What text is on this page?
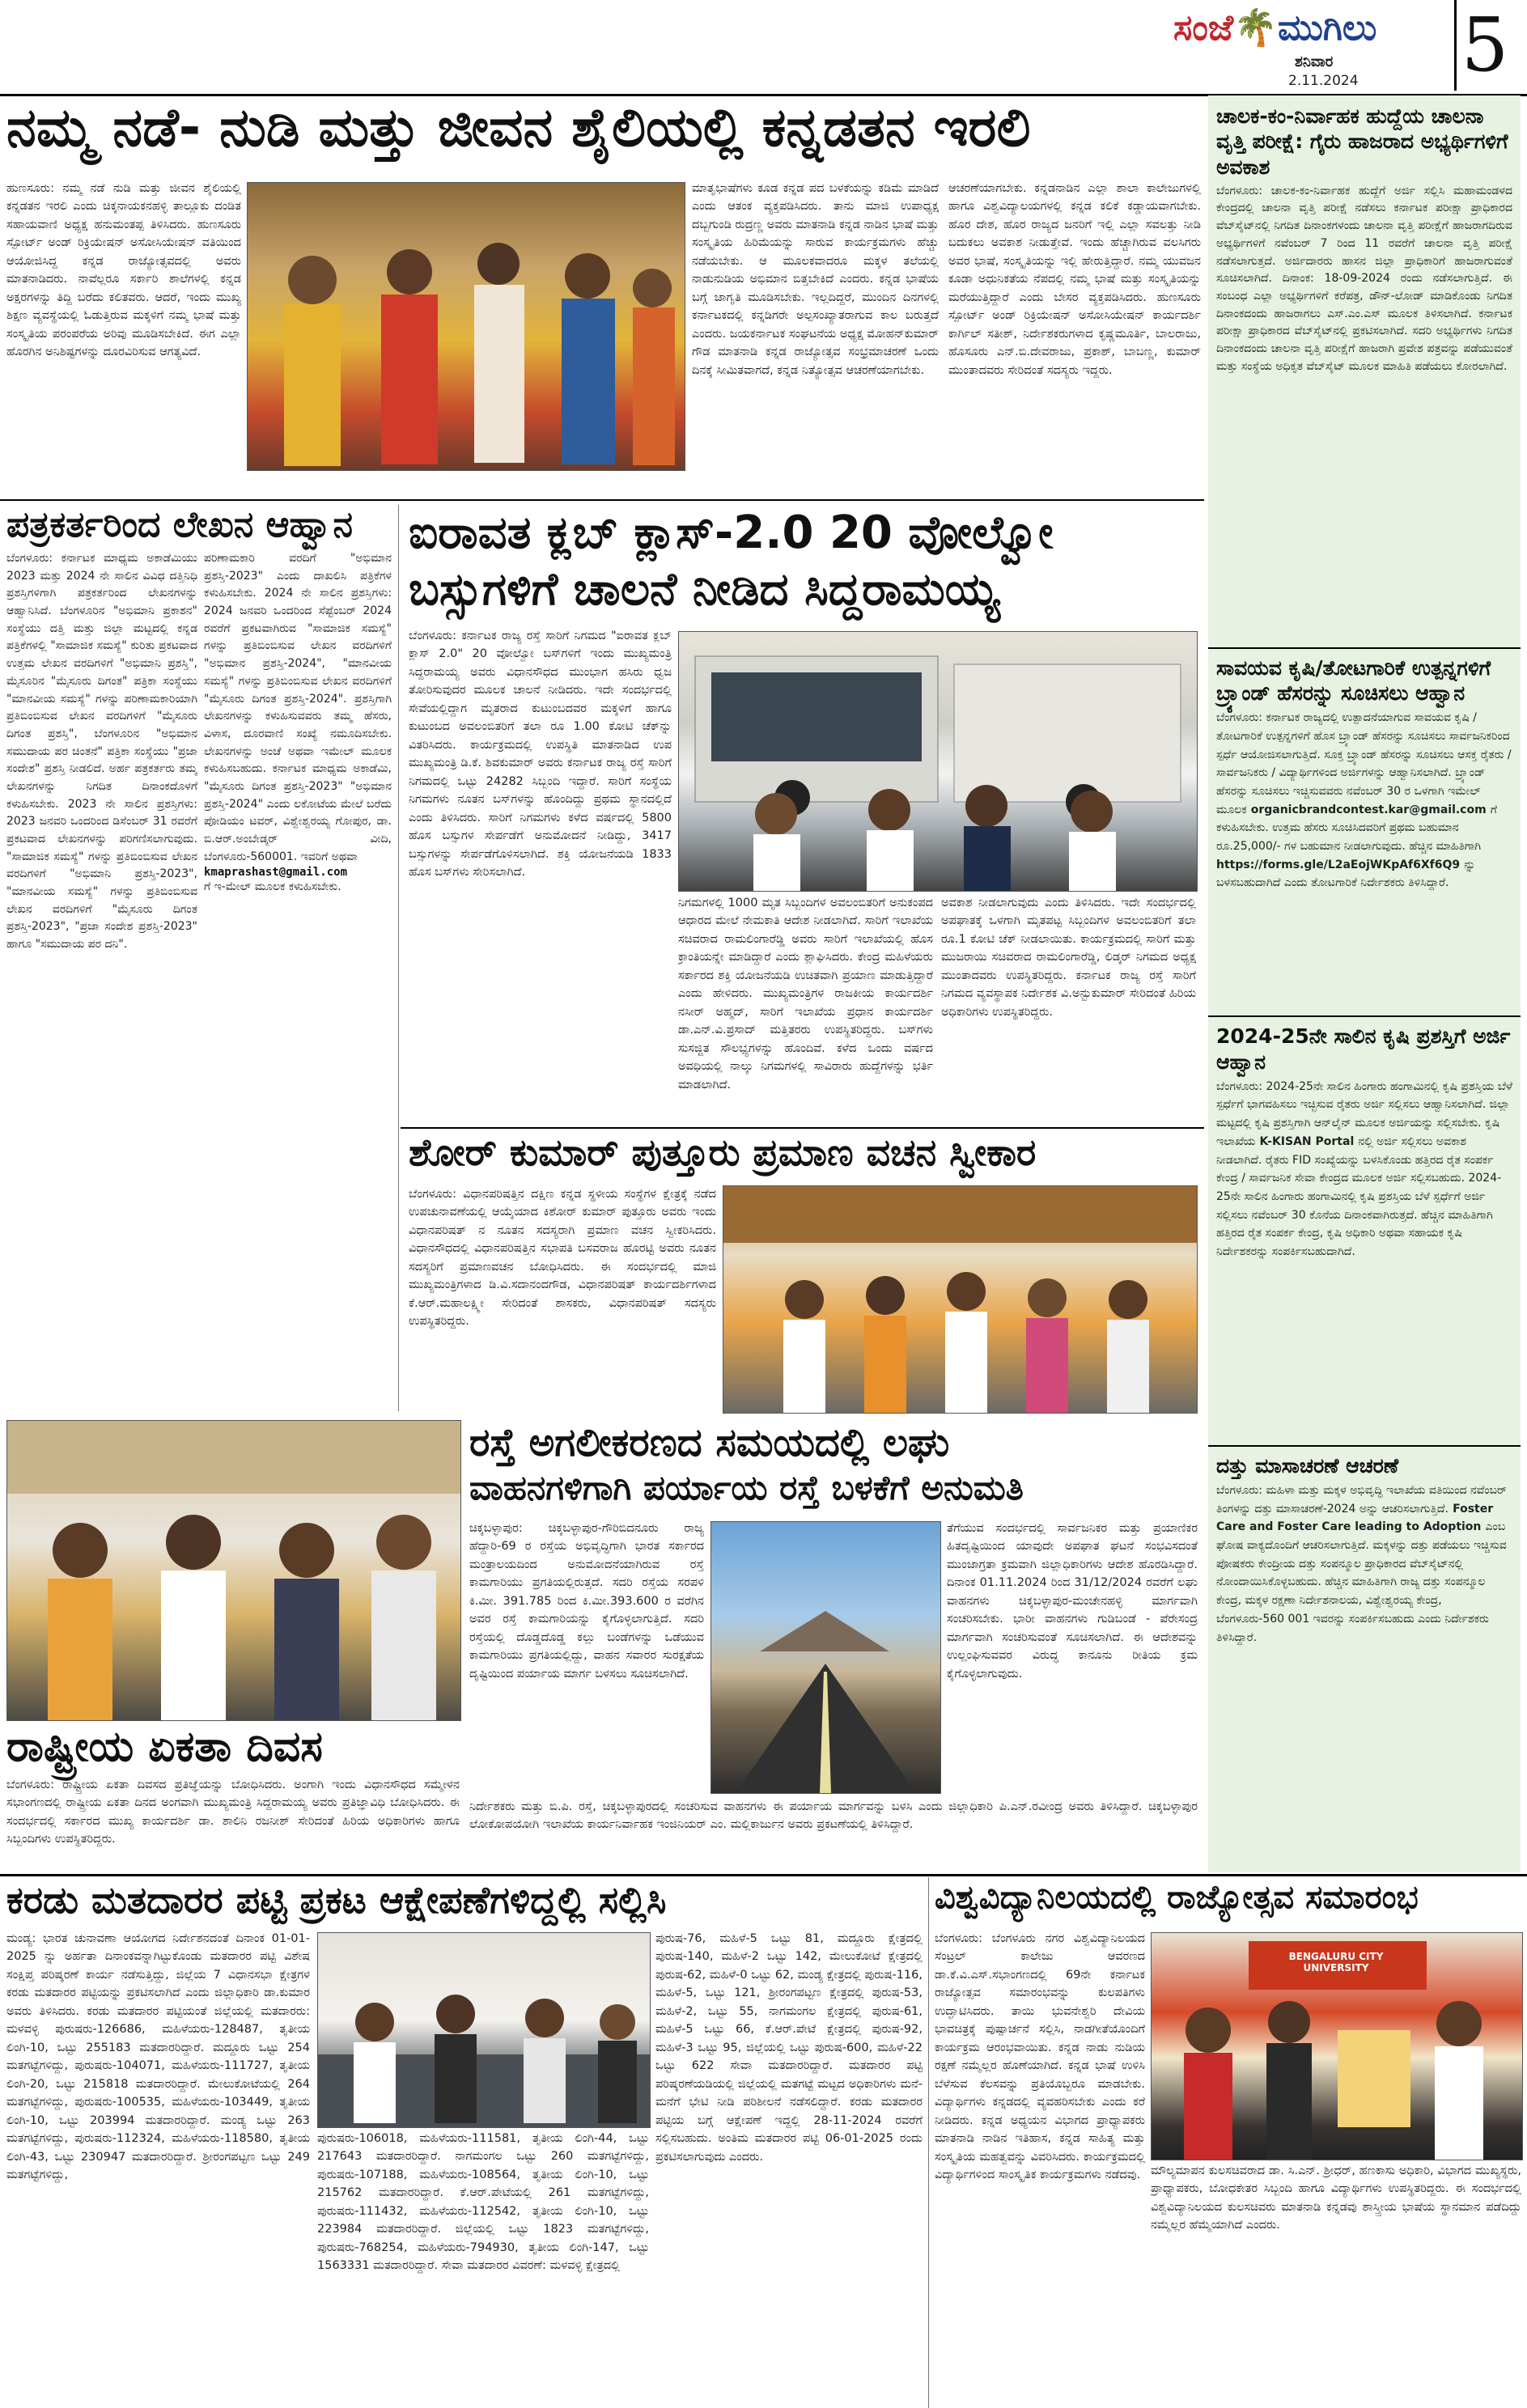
ಸಂಜೆ🌴ಮುಗಿಲು
ಶನಿವಾರ
2.11.2024 5
ನಮ್ಮ ನಡೆ- ನುಡಿ ಮತ್ತು ಜೀವನ ಶೈಲಿಯಲ್ಲಿ ಕನ್ನಡತನ ಇರಲಿ
ಹುಣಸೂರು: ನಮ್ಮ ನಡೆ ನುಡಿ ಮತ್ತು ಜೀವನ ಶೈಲಿಯಲ್ಲಿ ಕನ್ನಡತನ ಇರಲಿ ಎಂದು ಚಿಕ್ಕನಾಯಕನಹಳ್ಳಿ ತಾಲ್ಲೂಕು ದಂಡಿತ ಸಹಾಯವಾಣಿ ಅಧ್ಯಕ್ಷ ಹನುಮಂತಪ್ಪ ತಿಳಿಸಿದರು. ಹುಣಸೂರು ಸ್ಪೋರ್ಟ್ ಅಂಡ್ ರಿಕ್ರಿಯೇಷನ್ ಅಸೋಸಿಯೇಷನ್ ವತಿಯಿಂದ ಆಯೋಜಿಸಿದ್ದ ಕನ್ನಡ ರಾಜ್ಯೋತ್ಸವದಲ್ಲಿ ಅವರು ಮಾತನಾಡಿದರು. ನಾವೆಲ್ಲರೂ ಸರ್ಕಾರಿ ಶಾಲೆಗಳಲ್ಲಿ ಕನ್ನಡ ಅಕ್ಷರಗಳನ್ನು ತಿದ್ದಿ ಬರೆದು ಕಲಿತವರು. ಆದರೆ, ಇಂದು ಮುಖ್ಯ ಶಿಕ್ಷಣ ವ್ಯವಸ್ಥೆಯಲ್ಲಿ ಓಡುತ್ತಿರುವ ಮಕ್ಕಳಿಗೆ ನಮ್ಮ ಭಾಷೆ ಮತ್ತು ಸಂಸ್ಕೃತಿಯ ಪರಂಪರೆಯ ಅರಿವು ಮೂಡಿಸಬೇಕಿದೆ. ಈಗ ಎಲ್ಲಾ ಹೊರಗಿನ ಅನಿಶಿಷ್ಟಗಳನ್ನು ದೂರವಿರಿಸುವ ಆಗತ್ಯವಿದೆ.
ಮಾತೃಭಾಷೆಗಳು ಕೂಡ ಕನ್ನಡ ಪದ ಬಳಕೆಯನ್ನು ಕಡಿಮೆ ಮಾಡಿದೆ ಎಂದು ಆತಂಕ ವ್ಯಕ್ತಪಡಿಸಿದರು. ತಾನು ಮಾಜಿ ಉಪಾಧ್ಯಕ್ಷ ದಬ್ಬಗುಂಡಿ ರುದ್ರಣ್ಣ ಅವರು ಮಾತನಾಡಿ ಕನ್ನಡ ನಾಡಿನ ಭಾಷೆ ಮತ್ತು ಸಂಸ್ಕೃತಿಯ ಹಿರಿಮೆಯನ್ನು ಸಾರುವ ಕಾರ್ಯಕ್ರಮಗಳು ಹೆಚ್ಚು ನಡೆಯಬೇಕು. ಆ ಮೂಲಕವಾದರೂ ಮಕ್ಕಳ ತಲೆಯಲ್ಲಿ ನಾಡುನುಡಿಯ ಅಭಿಮಾನ ಬಿತ್ತಬೇಕಿದೆ ಎಂದರು. ಕನ್ನಡ ಭಾಷೆಯ ಬಗ್ಗೆ ಜಾಗೃತಿ ಮೂಡಿಸಬೇಕು. ಇಲ್ಲದಿದ್ದರೆ, ಮುಂದಿನ ದಿನಗಳಲ್ಲಿ ಕರ್ನಾಟಕದಲ್ಲಿ ಕನ್ನಡಿಗರೇ ಅಲ್ಪಸಂಖ್ಯಾತರಾಗುವ ಕಾಲ ಬರುತ್ತದೆ ಎಂದರು. ಜಯಕರ್ನಾಟಕ ಸಂಘಟನೆಯ ಅಧ್ಯಕ್ಷ ಮೋಹನ್‌ಕುಮಾರ್ ಗೌಡ ಮಾತನಾಡಿ ಕನ್ನಡ ರಾಜ್ಯೋತ್ಸವ ಸಂಭ್ರಮಾಚರಣೆ ಒಂದು ದಿನಕ್ಕೆ ಸೀಮಿತವಾಗದೆ, ಕನ್ನಡ ನಿತ್ಯೋತ್ಸವ ಆಚರಣೆಯಾಗಬೇಕು.
ಆಚರಣೆಯಾಗಬೇಕು. ಕನ್ನಡನಾಡಿನ ಎಲ್ಲಾ ಶಾಲಾ ಕಾಲೇಜುಗಳಲ್ಲಿ ಹಾಗೂ ವಿಶ್ವವಿದ್ಯಾಲಯಗಳಲ್ಲಿ ಕನ್ನಡ ಕಲಿಕೆ ಕಡ್ಡಾಯವಾಗಬೇಕು. ಹೊರ ದೇಶ, ಹೊರ ರಾಜ್ಯದ ಜನರಿಗೆ ಇಲ್ಲಿ ಎಲ್ಲಾ ಸವಲತ್ತು ನೀಡಿ ಬದುಕಲು ಅವಕಾಶ ನೀಡುತ್ತೇವೆ. ಇಂದು ಹೆಚ್ಚಾಗಿರುವ ವಲಸಿಗರು ಅವರ ಭಾಷೆ, ಸಂಸ್ಕೃತಿಯನ್ನು ಇಲ್ಲಿ ಹೇರುತ್ತಿದ್ದಾರೆ. ನಮ್ಮ ಯುವಜನ ಕೂಡಾ ಅಧುನಿಕತೆಯ ನೆಪದಲ್ಲಿ ನಮ್ಮ ಭಾಷೆ ಮತ್ತು ಸಂಸ್ಕೃತಿಯನ್ನು ಮರೆಯುತ್ತಿದ್ದಾರೆ ಎಂದು ಬೇಸರ ವ್ಯಕ್ತಪಡಿಸಿದರು. ಹುಣಸೂರು ಸ್ಪೋರ್ಟ್ ಅಂಡ್ ರಿಕ್ರಿಯೇಷನ್ ಅಸೋಸಿಯೇಷನ್ ಕಾರ್ಯದರ್ಶಿ ಕಾರ್ಗಿಲ್ ಸತೀಶ್, ನಿರ್ದೇಶಕರುಗಳಾದ ಕೃಷ್ಣಮೂರ್ತಿ, ಬಾಲರಾಜು, ಹೊಸೂರು ಎನ್.ಬಿ.ದೇವರಾಜು, ಪ್ರಕಾಶ್, ಬಾಬಣ್ಣ, ಕುಮಾರ್ ಮುಂತಾದವರು ಸೇರಿದಂತೆ ಸದಸ್ಯರು ಇದ್ದರು.
ಪತ್ರಕರ್ತರಿಂದ ಲೇಖನ ಆಹ್ವಾನ
ಬೆಂಗಳೂರು: ಕರ್ನಾಟಕ ಮಾಧ್ಯಮ ಅಕಾಡೆಮಿಯು 2023 ಮತ್ತು 2024 ನೇ ಸಾಲಿನ ವಿವಿಧ ದತ್ತಿನಿಧಿ ಪ್ರಶಸ್ತಿಗಳಿಗಾಗಿ ಪತ್ರಕರ್ತರಿಂದ ಲೇಖನಗಳನ್ನು ಆಹ್ವಾನಿಸಿದೆ. ಬೆಂಗಳೂರಿನ "ಅಭಿಮಾನಿ ಪ್ರಕಾಶನ" ಸಂಸ್ಥೆಯು ದತ್ತಿ ಮತ್ತು ಜಿಲ್ಲಾ ಮಟ್ಟದಲ್ಲಿ ಕನ್ನಡ ಪತ್ರಿಕೆಗಳಲ್ಲಿ "ಸಾಮಾಜಿಕ ಸಮಸ್ಯೆ" ಕುರಿತು ಪ್ರಕಟವಾದ ಉತ್ತಮ ಲೇಖನ ವರದಿಗಳಿಗೆ "ಅಭಿಮಾನಿ ಪ್ರಶಸ್ತಿ", ಮೈಸೂರಿನ "ಮೈಸೂರು ದಿಗಂತ" ಪತ್ರಿಕಾ ಸಂಸ್ಥೆಯು "ಮಾನವೀಯ ಸಮಸ್ಯೆ" ಗಳನ್ನು ಪರಿಣಾಮಕಾರಿಯಾಗಿ ಪ್ರತಿಬಿಂಬಿಸುವ ಲೇಖನ ವರದಿಗಳಿಗೆ "ಮೈಸೂರು ದಿಗಂತ ಪ್ರಶಸ್ತಿ", ಬೆಂಗಳೂರಿನ "ಅಭಿಮಾನ ಸಮುದಾಯ ಪರ ಚಿಂತನೆ" ಪತ್ರಿಕಾ ಸಂಸ್ಥೆಯು "ಪ್ರಜಾ ಸಂದೇಶ" ಪ್ರಶಸ್ತಿ ನೀಡಲಿದೆ. ಅರ್ಹ ಪತ್ರಕರ್ತರು ತಮ್ಮ ಲೇಖನಗಳನ್ನು ನಿಗದಿತ ದಿನಾಂಕದೊಳಗೆ ಕಳುಹಿಸಬೇಕು. 2023 ನೇ ಸಾಲಿನ ಪ್ರಶಸ್ತಿಗಳು: 2023 ಜನವರಿ ಒಂದರಿಂದ ಡಿಸೆಂಬರ್ 31 ರವರೆಗೆ ಪ್ರಕಟವಾದ ಲೇಖನಗಳನ್ನು ಪರಿಗಣಿಸಲಾಗುವುದು. "ಸಾಮಾಜಿಕ ಸಮಸ್ಯೆ" ಗಳನ್ನು ಪ್ರತಿಬಿಂಬಿಸುವ ಲೇಖನ ವರದಿಗಳಿಗೆ "ಅಭಿಮಾನಿ ಪ್ರಶಸ್ತಿ-2023", "ಮಾನವೀಯ ಸಮಸ್ಯೆ" ಗಳನ್ನು ಪ್ರತಿಬಿಂಬಿಸುವ ಲೇಖನ ವರದಿಗಳಿಗೆ "ಮೈಸೂರು ದಿಗಂತ ಪ್ರಶಸ್ತಿ-2023", "ಪ್ರಜಾ ಸಂದೇಶ ಪ್ರಶಸ್ತಿ-2023" ಹಾಗೂ "ಸಮುದಾಯ ಪರ ದನಿ".
ಪರಿಣಾಮಕಾರಿ ವರದಿಗೆ "ಅಭಿಮಾನ ಪ್ರಶಸ್ತಿ-2023" ಎಂದು ದಾಖಲಿಸಿ ಪತ್ರಿಕೆಗಳ ಕಳುಹಿಸಬೇಕು. 2024 ನೇ ಸಾಲಿನ ಪ್ರಶಸ್ತಿಗಳು: 2024 ಜನವರಿ ಒಂದರಿಂದ ಸೆಪ್ಟೆಂಬರ್ 2024 ರವರೆಗೆ ಪ್ರಕಟವಾಗಿರುವ "ಸಾಮಾಜಿಕ ಸಮಸ್ಯೆ" ಗಳನ್ನು ಪ್ರತಿಬಿಂಬಿಸುವ ಲೇಖನ ವರದಿಗಳಿಗೆ "ಅಭಿಮಾನ ಪ್ರಶಸ್ತಿ-2024", "ಮಾನವೀಯ ಸಮಸ್ಯೆ" ಗಳನ್ನು ಪ್ರತಿಬಿಂಬಿಸುವ ಲೇಖನ ವರದಿಗಳಿಗೆ "ಮೈಸೂರು ದಿಗಂತ ಪ್ರಶಸ್ತಿ-2024". ಪ್ರಶಸ್ತಿಗಾಗಿ ಲೇಖನಗಳನ್ನು ಕಳುಹಿಸುವವರು ತಮ್ಮ ಹೆಸರು, ವಿಳಾಸ, ದೂರವಾಣಿ ಸಂಖ್ಯೆ ನಮೂದಿಸಬೇಕು. ಲೇಖನಗಳನ್ನು ಅಂಚೆ ಅಥವಾ ಇಮೇಲ್ ಮೂಲಕ ಕಳುಹಿಸಬಹುದು. ಕರ್ನಾಟಕ ಮಾಧ್ಯಮ ಅಕಾಡೆಮಿ, "ಮೈಸೂರು ದಿಗಂತ ಪ್ರಶಸ್ತಿ-2023" "ಅಭಿಮಾನ ಪ್ರಶಸ್ತಿ-2024" ಎಂದು ಲಕೋಟೆಯ ಮೇಲೆ ಬರೆದು ಪೋಡಿಯಂ ಟವರ್, ವಿಶ್ವೇಶ್ವರಯ್ಯ ಗೋಪುರ, ಡಾ. ಬಿ.ಆರ್.ಅಂಬೇಡ್ಕರ್ ವೀದಿ, ಬೆಂಗಳೂರು-560001. ಇವರಿಗೆ ಅಥವಾ
kmaprashast@gmail.com
ಗೆ ಇ-ಮೇಲ್ ಮೂಲಕ ಕಳುಹಿಸಬೇಕು.
ಐರಾವತ ಕ್ಲಬ್ ಕ್ಲಾಸ್-2.0 20 ವೋಲ್ವೋ ಬಸ್ಸುಗಳಿಗೆ ಚಾಲನೆ ನೀಡಿದ ಸಿದ್ದರಾಮಯ್ಯ
ಬೆಂಗಳೂರು: ಕರ್ನಾಟಕ ರಾಜ್ಯ ರಸ್ತೆ ಸಾರಿಗೆ ನಿಗಮದ "ಐರಾವತ ಕ್ಲಬ್ ಕ್ಲಾಸ್ 2.0" 20 ವೋಲ್ವೋ ಬಸ್‌ಗಳಿಗೆ ಇಂದು ಮುಖ್ಯಮಂತ್ರಿ ಸಿದ್ದರಾಮಯ್ಯ ಅವರು ವಿಧಾನಸೌಧದ ಮುಂಭಾಗ ಹಸಿರು ಧ್ವಜ ತೋರಿಸುವುದರ ಮೂಲಕ ಚಾಲನೆ ನೀಡಿದರು. ಇದೇ ಸಂದರ್ಭದಲ್ಲಿ ಸೇವೆಯಲ್ಲಿದ್ದಾಗ ಮೃತರಾದ ಕುಟುಂಬದವರ ಮಕ್ಕಳಿಗೆ ಹಾಗೂ ಕುಟುಂಬದ ಅವಲಂಬಿತರಿಗೆ ತಲಾ ರೂ 1.00 ಕೋಟಿ ಚೆಕ್‌ನ್ನು ವಿತರಿಸಿದರು. ಕಾರ್ಯಕ್ರಮದಲ್ಲಿ ಉಪಸ್ಥಿತಿ ಮಾತನಾಡಿದ ಉಪ ಮುಖ್ಯಮಂತ್ರಿ ಡಿ.ಕೆ. ಶಿವಕುಮಾರ್ ಅವರು ಕರ್ನಾಟಕ ರಾಜ್ಯ ರಸ್ತೆ ಸಾರಿಗೆ ನಿಗಮದಲ್ಲಿ ಒಟ್ಟು 24282 ಸಿಬ್ಬಂದಿ ಇದ್ದಾರೆ. ಸಾರಿಗೆ ಸಂಸ್ಥೆಯ ನಿಗಮಗಳು ನೂತನ ಬಸ್‌ಗಳನ್ನು ಹೊಂದಿದ್ದು ಪ್ರಥಮ ಸ್ಥಾನದಲ್ಲಿದೆ ಎಂದು ತಿಳಿಸಿದರು. ಸಾರಿಗೆ ನಿಗಮಗಳು ಕಳೆದ ವರ್ಷದಲ್ಲಿ 5800 ಹೊಸ ಬಸ್ಸುಗಳ ಸೇರ್ಪಡೆಗೆ ಅನುಮೋದನೆ ನೀಡಿದ್ದು, 3417 ಬಸ್ಸುಗಳನ್ನು ಸೇರ್ಪಡೆಗೊಳಿಸಲಾಗಿದೆ. ಶಕ್ತಿ ಯೋಜನೆಯಡಿ 1833 ಹೊಸ ಬಸ್‌ಗಳು ಸೇರಿಸಲಾಗಿದೆ.
ನಿಗಮಗಳಲ್ಲಿ 1000 ಮೃತ ಸಿಬ್ಬಂದಿಗಳ ಅವಲಂಬಿತರಿಗೆ ಅನುಕಂಪದ ಆಧಾರದ ಮೇಲೆ ನೇಮಕಾತಿ ಆದೇಶ ನೀಡಲಾಗಿದೆ. ಸಾರಿಗೆ ಇಲಾಖೆಯ ಸಚಿವರಾದ ರಾಮಲಿಂಗಾರೆಡ್ಡಿ ಅವರು ಸಾರಿಗೆ ಇಲಾಖೆಯಲ್ಲಿ ಹೊಸ ಕ್ರಾಂತಿಯನ್ನೇ ಮಾಡಿದ್ದಾರೆ ಎಂದು ಶ್ಲಾಘಿಸಿದರು. ಕೇಂದ್ರ ಮಹಿಳೆಯರು ಸರ್ಕಾರದ ಶಕ್ತಿ ಯೋಜನೆಯಡಿ ಉಚಿತವಾಗಿ ಪ್ರಯಾಣ ಮಾಡುತ್ತಿದ್ದಾರೆ ಎಂದು ಹೇಳಿದರು. ಮುಖ್ಯಮಂತ್ರಿಗಳ ರಾಜಕೀಯ ಕಾರ್ಯದರ್ಶಿ ನಸೀರ್ ಅಹ್ಮದ್, ಸಾರಿಗೆ ಇಲಾಖೆಯ ಪ್ರಧಾನ ಕಾರ್ಯದರ್ಶಿ ಡಾ.ಎನ್.ವಿ.ಪ್ರಸಾದ್ ಮತ್ತಿತರರು ಉಪಸ್ಥಿತರಿದ್ದರು. ಬಸ್‌ಗಳು ಸುಸಜ್ಜಿತ ಸೌಲಭ್ಯಗಳನ್ನು ಹೊಂದಿವೆ. ಕಳೆದ ಒಂದು ವರ್ಷದ ಅವಧಿಯಲ್ಲಿ ನಾಲ್ಕು ನಿಗಮಗಳಲ್ಲಿ ಸಾವಿರಾರು ಹುದ್ದೆಗಳನ್ನು ಭರ್ತಿ ಮಾಡಲಾಗಿದೆ.
ಅವಕಾಶ ನೀಡಲಾಗುವುದು ಎಂದು ತಿಳಿಸಿದರು. ಇದೇ ಸಂದರ್ಭದಲ್ಲಿ ಅಪಘಾತಕ್ಕೆ ಒಳಗಾಗಿ ಮೃತಪಟ್ಟ ಸಿಬ್ಬಂದಿಗಳ ಅವಲಂಬಿತರಿಗೆ ತಲಾ ರೂ.1 ಕೋಟಿ ಚೆಕ್ ನೀಡಲಾಯಿತು. ಕಾರ್ಯಕ್ರಮದಲ್ಲಿ ಸಾರಿಗೆ ಮತ್ತು ಮುಜರಾಯಿ ಸಚಿವರಾದ ರಾಮಲಿಂಗಾರೆಡ್ಡಿ, ಲಿಡ್ಕರ್ ನಿಗಮದ ಅಧ್ಯಕ್ಷ ಮುಂತಾದವರು ಉಪಸ್ಥಿತರಿದ್ದರು. ಕರ್ನಾಟಕ ರಾಜ್ಯ ರಸ್ತೆ ಸಾರಿಗೆ ನಿಗಮದ ವ್ಯವಸ್ಥಾಪಕ ನಿರ್ದೇಶಕ ವಿ.ಅನ್ಬುಕುಮಾರ್ ಸೇರಿದಂತೆ ಹಿರಿಯ ಅಧಿಕಾರಿಗಳು ಉಪಸ್ಥಿತರಿದ್ದರು.
ಶೋರ್ ಕುಮಾರ್ ಪುತ್ತೂರು ಪ್ರಮಾಣ ವಚನ ಸ್ವೀಕಾರ
ಬೆಂಗಳೂರು: ವಿಧಾನಪರಿಷತ್ತಿನ ದಕ್ಷಿಣ ಕನ್ನಡ ಸ್ಥಳೀಯ ಸಂಸ್ಥೆಗಳ ಕ್ಷೇತ್ರಕ್ಕೆ ನಡೆದ ಉಪಚುನಾವಣೆಯಲ್ಲಿ ಆಯ್ಕೆಯಾದ ಕಿಶೋರ್ ಕುಮಾರ್ ಪುತ್ತೂರು ಅವರು ಇಂದು ವಿಧಾನಪರಿಷತ್ ನ ನೂತನ ಸದಸ್ಯರಾಗಿ ಪ್ರಮಾಣ ವಚನ ಸ್ವೀಕರಿಸಿದರು. ವಿಧಾನಸೌಧದಲ್ಲಿ ವಿಧಾನಪರಿಷತ್ತಿನ ಸಭಾಪತಿ ಬಸವರಾಜ ಹೊರಟ್ಟಿ ಅವರು ನೂತನ ಸದಸ್ಯರಿಗೆ ಪ್ರಮಾಣವಚನ ಬೋಧಿಸಿದರು. ಈ ಸಂದರ್ಭದಲ್ಲಿ ಮಾಜಿ ಮುಖ್ಯಮಂತ್ರಿಗಳಾದ ಡಿ.ವಿ.ಸದಾನಂದಗೌಡ, ವಿಧಾನಪರಿಷತ್ ಕಾರ್ಯದರ್ಶಿಗಳಾದ ಕೆ.ಆರ್.ಮಹಾಲಕ್ಷ್ಮೀ ಸೇರಿದಂತೆ ಶಾಸಕರು, ವಿಧಾನಪರಿಷತ್ ಸದಸ್ಯರು ಉಪಸ್ಥಿತರಿದ್ದರು.
ರಾಷ್ಟ್ರೀಯ ಏಕತಾ ದಿವಸ
ಬೆಂಗಳೂರು: ರಾಷ್ಟ್ರೀಯ ಏಕತಾ ದಿವಸದ ಪ್ರತಿಜ್ಞೆಯನ್ನು ಬೋಧಿಸಿದರು. ಅಂಗಾಗಿ ಇಂದು ವಿಧಾನಸೌಧದ ಸಮ್ಮೇಳನ ಸಭಾಂಗಣದಲ್ಲಿ ರಾಷ್ಟ್ರೀಯ ಏಕತಾ ದಿನದ ಅಂಗವಾಗಿ ಮುಖ್ಯಮಂತ್ರಿ ಸಿದ್ದರಾಮಯ್ಯ ಅವರು ಪ್ರತಿಜ್ಞಾವಿಧಿ ಬೋಧಿಸಿದರು. ಈ ಸಂದರ್ಭದಲ್ಲಿ ಸರ್ಕಾರದ ಮುಖ್ಯ ಕಾರ್ಯದರ್ಶಿ ಡಾ. ಶಾಲಿನಿ ರಜನೀಶ್ ಸೇರಿದಂತೆ ಹಿರಿಯ ಅಧಿಕಾರಿಗಳು ಹಾಗೂ ಸಿಬ್ಬಂದಿಗಳು ಉಪಸ್ಥಿತರಿದ್ದರು.
ರಸ್ತೆ ಅಗಲೀಕರಣದ ಸಮಯದಲ್ಲಿ ಲಘು
ವಾಹನಗಳಿಗಾಗಿ ಪರ್ಯಾಯ ರಸ್ತೆ ಬಳಕೆಗೆ ಅನುಮತಿ
ಚಿಕ್ಕಬಳ್ಳಾಪುರ: ಚಿಕ್ಕಬಳ್ಳಾಪುರ-ಗೌರಿಬಿದನೂರು ರಾಜ್ಯ ಹೆದ್ದಾರಿ-69 ರ ರಸ್ತೆಯ ಅಭಿವೃದ್ಧಿಗಾಗಿ ಭಾರತ ಸರ್ಕಾರದ ಮಂತ್ರಾಲಯದಿಂದ ಅನುಮೋದನೆಯಾಗಿರುವ ರಸ್ತೆ ಕಾಮಗಾರಿಯು ಪ್ರಗತಿಯಲ್ಲಿರುತ್ತದೆ. ಸದರಿ ರಸ್ತೆಯ ಸರಪಳಿ ಕಿ.ಮೀ. 391.785 ರಿಂದ ಕಿ.ಮೀ.393.600 ರ ವರೆಗಿನ ಅವರ ರಸ್ತೆ ಕಾಮಗಾರಿಯನ್ನು ಕೈಗೊಳ್ಳಲಾಗುತ್ತಿದೆ. ಸದರಿ ರಸ್ತೆಯಲ್ಲಿ ದೊಡ್ಡದೊಡ್ಡ ಕಲ್ಲು ಬಂಡೆಗಳನ್ನು ಒಡೆಯುವ ಕಾಮಗಾರಿಯು ಪ್ರಗತಿಯಲ್ಲಿದ್ದು, ವಾಹನ ಸವಾರರ ಸುರಕ್ಷತೆಯ ದೃಷ್ಟಿಯಿಂದ ಪರ್ಯಾಯ ಮಾರ್ಗ ಬಳಸಲು ಸೂಚಿಸಲಾಗಿದೆ.
ತೆಗೆಯುವ ಸಂದರ್ಭದಲ್ಲಿ ಸಾರ್ವಜನಿಕರ ಮತ್ತು ಪ್ರಯಾಣಿಕರ ಹಿತದೃಷ್ಟಿಯಿಂದ ಯಾವುದೇ ಅಪಘಾತ ಘಟನೆ ಸಂಭವಿಸದಂತೆ ಮುಂಜಾಗ್ರತಾ ಕ್ರಮವಾಗಿ ಜಿಲ್ಲಾಧಿಕಾರಿಗಳು ಆದೇಶ ಹೊರಡಿಸಿದ್ದಾರೆ. ದಿನಾಂಕ 01.11.2024 ರಿಂದ 31/12/2024 ರವರೆಗೆ ಲಘು ವಾಹನಗಳು ಚಿಕ್ಕಬಳ್ಳಾಪುರ-ಮಂಚೇನಹಳ್ಳಿ ಮಾರ್ಗವಾಗಿ ಸಂಚರಿಸಬೇಕು. ಭಾರೀ ವಾಹನಗಳು ಗುಡಿಬಂಡೆ - ಪೆರೇಸಂದ್ರ ಮಾರ್ಗವಾಗಿ ಸಂಚರಿಸುವಂತೆ ಸೂಚಿಸಲಾಗಿದೆ. ಈ ಆದೇಶವನ್ನು ಉಲ್ಲಂಘಿಸುವವರ ವಿರುದ್ಧ ಕಾನೂನು ರೀತಿಯ ಕ್ರಮ ಕೈಗೊಳ್ಳಲಾಗುವುದು.
ನಿರ್ದೇಶಕರು ಮತ್ತು ಬಿ.ಪಿ. ರಸ್ತೆ, ಚಿಕ್ಕಬಳ್ಳಾಪುರದಲ್ಲಿ ಸಂಚರಿಸುವ ವಾಹನಗಳು ಈ ಪರ್ಯಾಯ ಮಾರ್ಗವನ್ನು ಬಳಸಿ ಎಂದು ಜಿಲ್ಲಾಧಿಕಾರಿ ಪಿ.ಎನ್.ರವೀಂದ್ರ ಅವರು ತಿಳಿಸಿದ್ದಾರೆ. ಚಿಕ್ಕಬಳ್ಳಾಪುರ ಲೋಕೋಪಯೋಗಿ ಇಲಾಖೆಯ ಕಾರ್ಯನಿರ್ವಾಹಕ ಇಂಜಿನಿಯರ್ ಎಂ. ಮಲ್ಲಿಕಾರ್ಜುನ ಅವರು ಪ್ರಕಟಣೆಯಲ್ಲಿ ತಿಳಿಸಿದ್ದಾರೆ.
ಚಾಲಕ-ಕಂ-ನಿರ್ವಾಹಕ ಹುದ್ದೆಯ ಚಾಲನಾ ವೃತ್ತಿ ಪರೀಕ್ಷೆ: ಗೈರು ಹಾಜರಾದ ಅಭ್ಯರ್ಥಿಗಳಿಗೆ ಅವಕಾಶ
ಬೆಂಗಳೂರು: ಚಾಲಕ-ಕಂ-ನಿರ್ವಾಹಕ ಹುದ್ದೆಗೆ ಅರ್ಜಿ ಸಲ್ಲಿಸಿ ಮಹಾಮಂಡಳದ ಕೇಂದ್ರದಲ್ಲಿ ಚಾಲನಾ ವೃತ್ತಿ ಪರೀಕ್ಷೆ ನಡೆಸಲು ಕರ್ನಾಟಕ ಪರೀಕ್ಷಾ ಪ್ರಾಧಿಕಾರದ ವೆಬ್‌ಸೈಟ್‌ನಲ್ಲಿ ನಿಗದಿತ ದಿನಾಂಕಗಳಂದು ಚಾಲನಾ ವೃತ್ತಿ ಪರೀಕ್ಷೆಗೆ ಹಾಜರಾಗದಿರುವ ಅಭ್ಯರ್ಥಿಗಳಿಗೆ ನವೆಂಬರ್ 7 ರಿಂದ 11 ರವರೆಗೆ ಚಾಲನಾ ವೃತ್ತಿ ಪರೀಕ್ಷೆ ನಡೆಸಲಾಗುತ್ತದೆ. ಅರ್ಜಿದಾರರು ಹಾಸನ ಜಿಲ್ಲಾ ಪ್ರಾಧಿಕಾರಿಗೆ ಹಾಜರಾಗುವಂತೆ ಸೂಚಿಸಲಾಗಿದೆ. ದಿನಾಂಕ: 18-09-2024 ರಂದು ನಡೆಸಲಾಗುತ್ತಿದೆ. ಈ ಸಂಬಂಧ ಎಲ್ಲಾ ಅಭ್ಯರ್ಥಿಗಳಿಗೆ ಕರೆಪತ್ರ, ಡೌನ್-ಲೋಡ್ ಮಾಡಿಕೊಂಡು ನಿಗದಿತ ದಿನಾಂಕದಂದು ಹಾಜರಾಗಲು ಎಸ್.ಎಂ.ಎಸ್ ಮೂಲಕ ತಿಳಿಸಲಾಗಿದೆ. ಕರ್ನಾಟಕ ಪರೀಕ್ಷಾ ಪ್ರಾಧಿಕಾರದ ವೆಬ್‌ಸೈಟ್‌ನಲ್ಲಿ ಪ್ರಕಟಿಸಲಾಗಿದೆ. ಸದರಿ ಅಭ್ಯರ್ಥಿಗಳು ನಿಗದಿತ ದಿನಾಂಕದಂದು ಚಾಲನಾ ವೃತ್ತಿ ಪರೀಕ್ಷೆಗೆ ಹಾಜರಾಗಿ ಪ್ರವೇಶ ಪತ್ರವನ್ನು ಪಡೆಯುವಂತೆ ಮತ್ತು ಸಂಸ್ಥೆಯ ಅಧಿಕೃತ ವೆಬ್‌ಸೈಟ್ ಮೂಲಕ ಮಾಹಿತಿ ಪಡೆಯಲು ಕೋರಲಾಗಿದೆ.
ಸಾವಯವ ಕೃಷಿ/ತೋಟಗಾರಿಕೆ ಉತ್ಪನ್ನಗಳಿಗೆ ಬ್ರ್ಯಾಂಡ್ ಹೆಸರನ್ನು ಸೂಚಿಸಲು ಆಹ್ವಾನ
ಬೆಂಗಳೂರು: ಕರ್ನಾಟಕ ರಾಜ್ಯದಲ್ಲಿ ಉತ್ಪಾದನೆಯಾಗುವ ಸಾವಯವ ಕೃಷಿ / ತೋಟಗಾರಿಕೆ ಉತ್ಪನ್ನಗಳಿಗೆ ಹೊಸ ಬ್ರ್ಯಾಂಡ್ ಹೆಸರನ್ನು ಸೂಚಿಸಲು ಸಾರ್ವಜನಿಕರಿಂದ ಸ್ಪರ್ಧೆ ಆಯೋಜಿಸಲಾಗುತ್ತಿದೆ. ಸೂಕ್ತ ಬ್ರ್ಯಾಂಡ್ ಹೆಸರನ್ನು ಸೂಚಿಸಲು ಆಸಕ್ತ ರೈತರು / ಸಾರ್ವಜನಿಕರು / ವಿದ್ಯಾರ್ಥಿಗಳಿಂದ ಅರ್ಜಿಗಳನ್ನು ಆಹ್ವಾನಿಸಲಾಗಿದೆ. ಬ್ರ್ಯಾಂಡ್ ಹೆಸರನ್ನು ಸೂಚಿಸಲು ಇಚ್ಚಿಸುವವರು ನವೆಂಬರ್ 30 ರ ಒಳಗಾಗಿ ಇಮೇಲ್ ಮೂಲಕ organicbrandcontest.kar@gmail.com ಗೆ ಕಳುಹಿಸಬೇಕು. ಉತ್ತಮ ಹೆಸರು ಸೂಚಿಸಿದವರಿಗೆ ಪ್ರಥಮ ಬಹುಮಾನ ರೂ.25,000/- ಗಳ ಬಹುಮಾನ ನೀಡಲಾಗುವುದು. ಹೆಚ್ಚಿನ ಮಾಹಿತಿಗಾಗಿ https://forms.gle/L2aEojWKpAf6Xf6Q9 ನ್ನು ಬಳಸಬಹುದಾಗಿದೆ ಎಂದು ತೋಟಗಾರಿಕೆ ನಿರ್ದೇಶಕರು ತಿಳಿಸಿದ್ದಾರೆ.
2024-25ನೇ ಸಾಲಿನ ಕೃಷಿ ಪ್ರಶಸ್ತಿಗೆ ಅರ್ಜಿ ಆಹ್ವಾನ
ಬೆಂಗಳೂರು: 2024-25ನೇ ಸಾಲಿನ ಹಿಂಗಾರು ಹಂಗಾಮಿನಲ್ಲಿ ಕೃಷಿ ಪ್ರಶಸ್ತಿಯ ಬೆಳೆ ಸ್ಪರ್ಧೆಗೆ ಭಾಗವಹಿಸಲು ಇಚ್ಛಿಸುವ ರೈತರು ಅರ್ಜಿ ಸಲ್ಲಿಸಲು ಆಹ್ವಾನಿಸಲಾಗಿದೆ. ಜಿಲ್ಲಾ ಮಟ್ಟದಲ್ಲಿ ಕೃಷಿ ಪ್ರಶಸ್ತಿಗಾಗಿ ಆನ್‌ಲೈನ್ ಮೂಲಕ ಅರ್ಜಿಯನ್ನು ಸಲ್ಲಿಸಬೇಕು. ಕೃಷಿ ಇಲಾಖೆಯ K-KISAN Portal ನಲ್ಲಿ ಅರ್ಜಿ ಸಲ್ಲಿಸಲು ಅವಕಾಶ ನೀಡಲಾಗಿದೆ. ರೈತರು FID ಸಂಖ್ಯೆಯನ್ನು ಬಳಸಿಕೊಂಡು ಹತ್ತಿರದ ರೈತ ಸಂಪರ್ಕ ಕೇಂದ್ರ / ಸಾರ್ವಜನಿಕ ಸೇವಾ ಕೇಂದ್ರದ ಮೂಲಕ ಅರ್ಜಿ ಸಲ್ಲಿಸಬಹುದು. 2024-25ನೇ ಸಾಲಿನ ಹಿಂಗಾರು ಹಂಗಾಮಿನಲ್ಲಿ ಕೃಷಿ ಪ್ರಶಸ್ತಿಯ ಬೆಳೆ ಸ್ಪರ್ಧೆಗೆ ಅರ್ಜಿ ಸಲ್ಲಿಸಲು ನವೆಂಬರ್ 30 ಕೊನೆಯ ದಿನಾಂಕವಾಗಿರುತ್ತದೆ. ಹೆಚ್ಚಿನ ಮಾಹಿತಿಗಾಗಿ ಹತ್ತಿರದ ರೈತ ಸಂಪರ್ಕ ಕೇಂದ್ರ, ಕೃಷಿ ಅಧಿಕಾರಿ ಅಥವಾ ಸಹಾಯಕ ಕೃಷಿ ನಿರ್ದೇಶಕರನ್ನು ಸಂಪರ್ಕಿಸಬಹುದಾಗಿದೆ.
ದತ್ತು ಮಾಸಾಚರಣೆ ಆಚರಣೆ
ಬೆಂಗಳೂರು: ಮಹಿಳಾ ಮತ್ತು ಮಕ್ಕಳ ಅಭಿವೃದ್ಧಿ ಇಲಾಖೆಯ ವತಿಯಿಂದ ನವೆಂಬರ್ ತಿಂಗಳನ್ನು ದತ್ತು ಮಾಸಾಚರಣೆ-2024 ಅನ್ನು ಆಚರಿಸಲಾಗುತ್ತಿದೆ. Foster Care and Foster Care leading to Adoption ಎಂಬ ಘೋಷ ವಾಕ್ಯದೊಂದಿಗೆ ಆಚರಿಸಲಾಗುತ್ತಿದೆ. ಮಕ್ಕಳನ್ನು ದತ್ತು ಪಡೆಯಲು ಇಚ್ಚಿಸುವ ಪೋಷಕರು ಕೇಂದ್ರೀಯ ದತ್ತು ಸಂಪನ್ಮೂಲ ಪ್ರಾಧಿಕಾರದ ವೆಬ್‌ಸೈಟ್‌ನಲ್ಲಿ ನೋಂದಾಯಿಸಿಕೊಳ್ಳಬಹುದು. ಹೆಚ್ಚಿನ ಮಾಹಿತಿಗಾಗಿ ರಾಜ್ಯ ದತ್ತು ಸಂಪನ್ಮೂಲ ಕೇಂದ್ರ, ಮಕ್ಕಳ ರಕ್ಷಣಾ ನಿರ್ದೇಶನಾಲಯ, ವಿಶ್ವೇಶ್ವರಯ್ಯ ಕೇಂದ್ರ, ಬೆಂಗಳೂರು-560 001 ಇವರನ್ನು ಸಂಪರ್ಕಿಸಬಹುದು ಎಂದು ನಿರ್ದೇಶಕರು ತಿಳಿಸಿದ್ದಾರೆ.
ಕರಡು ಮತದಾರರ ಪಟ್ಟಿ ಪ್ರಕಟ ಆಕ್ಷೇಪಣೆಗಳಿದ್ದಲ್ಲಿ ಸಲ್ಲಿಸಿ
ಮಂಡ್ಯ: ಭಾರತ ಚುನಾವಣಾ ಆಯೋಗದ ನಿರ್ದೇಶನದಂತೆ ದಿನಾಂಕ 01-01-2025 ನ್ನು ಅರ್ಹತಾ ದಿನಾಂಕವನ್ನಾಗಿಟ್ಟುಕೊಂಡು ಮತದಾರರ ಪಟ್ಟಿ ವಿಶೇಷ ಸಂಕ್ಷಿಪ್ತ ಪರಿಷ್ಕರಣೆ ಕಾರ್ಯ ನಡೆಸುತ್ತಿದ್ದು, ಜಿಲ್ಲೆಯ 7 ವಿಧಾನಸಭಾ ಕ್ಷೇತ್ರಗಳ ಕರಡು ಮತದಾರರ ಪಟ್ಟಿಯನ್ನು ಪ್ರಕಟಿಸಲಾಗಿದೆ ಎಂದು ಜಿಲ್ಲಾಧಿಕಾರಿ ಡಾ.ಕುಮಾರ ಅವರು ತಿಳಿಸಿದರು. ಕರಡು ಮತದಾರರ ಪಟ್ಟಿಯಂತೆ ಜಿಲ್ಲೆಯಲ್ಲಿ ಮತದಾರರು: ಮಳವಳ್ಳಿ ಪುರುಷರು-126686, ಮಹಿಳೆಯರು-128487, ತೃತೀಯ ಲಿಂಗಿ-10, ಒಟ್ಟು 255183 ಮತದಾರರಿದ್ದಾರೆ. ಮದ್ದೂರು ಒಟ್ಟು 254 ಮತಗಟ್ಟೆಗಳಿದ್ದು, ಪುರುಷರು-104071, ಮಹಿಳೆಯರು-111727, ತೃತೀಯ ಲಿಂಗಿ-20, ಒಟ್ಟು 215818 ಮತದಾರರಿದ್ದಾರೆ. ಮೇಲುಕೋಟೆಯಲ್ಲಿ 264 ಮತಗಟ್ಟೆಗಳಿದ್ದು, ಪುರುಷರು-100535, ಮಹಿಳೆಯರು-103449, ತೃತೀಯ ಲಿಂಗಿ-10, ಒಟ್ಟು 203994 ಮತದಾರರಿದ್ದಾರೆ. ಮಂಡ್ಯ ಒಟ್ಟು 263 ಮತಗಟ್ಟೆಗಳಿದ್ದು, ಪುರುಷರು-112324, ಮಹಿಳೆಯರು-118580, ತೃತೀಯ ಲಿಂಗಿ-43, ಒಟ್ಟು 230947 ಮತದಾರರಿದ್ದಾರೆ. ಶ್ರೀರಂಗಪಟ್ಟಣ ಒಟ್ಟು 249 ಮತಗಟ್ಟೆಗಳಿದ್ದು,
ಪುರುಷರು-106018, ಮಹಿಳೆಯರು-111581, ತೃತೀಯ ಲಿಂಗಿ-44, ಒಟ್ಟು 217643 ಮತದಾರರಿದ್ದಾರೆ. ನಾಗಮಂಗಲ ಒಟ್ಟು 260 ಮತಗಟ್ಟೆಗಳಿದ್ದು, ಪುರುಷರು-107188, ಮಹಿಳೆಯರು-108564, ತೃತೀಯ ಲಿಂಗಿ-10, ಒಟ್ಟು 215762 ಮತದಾರರಿದ್ದಾರೆ. ಕೆ.ಆರ್.ಪೇಟೆಯಲ್ಲಿ 261 ಮತಗಟ್ಟೆಗಳಿದ್ದು, ಪುರುಷರು-111432, ಮಹಿಳೆಯರು-112542, ತೃತೀಯ ಲಿಂಗಿ-10, ಒಟ್ಟು 223984 ಮತದಾರರಿದ್ದಾರೆ. ಜಿಲ್ಲೆಯಲ್ಲಿ ಒಟ್ಟು 1823 ಮತಗಟ್ಟೆಗಳಿದ್ದು, ಪುರುಷರು-768254, ಮಹಿಳೆಯರು-794930, ತೃತೀಯ ಲಿಂಗಿ-147, ಒಟ್ಟು 1563331 ಮತದಾರರಿದ್ದಾರೆ. ಸೇವಾ ಮತದಾರರ ವಿವರಣೆ: ಮಳವಳ್ಳಿ ಕ್ಷೇತ್ರದಲ್ಲಿ
ಪುರುಷ-76, ಮಹಿಳೆ-5 ಒಟ್ಟು 81, ಮದ್ದೂರು ಕ್ಷೇತ್ರದಲ್ಲಿ ಪುರುಷ-140, ಮಹಿಳೆ-2 ಒಟ್ಟು 142, ಮೇಲುಕೋಟೆ ಕ್ಷೇತ್ರದಲ್ಲಿ ಪುರುಷ-62, ಮಹಿಳೆ-0 ಒಟ್ಟು 62, ಮಂಡ್ಯ ಕ್ಷೇತ್ರದಲ್ಲಿ ಪುರುಷ-116, ಮಹಿಳೆ-5, ಒಟ್ಟು 121, ಶ್ರೀರಂಗಪಟ್ಟಣ ಕ್ಷೇತ್ರದಲ್ಲಿ ಪುರುಷ-53, ಮಹಿಳೆ-2, ಒಟ್ಟು 55, ನಾಗಮಂಗಲ ಕ್ಷೇತ್ರದಲ್ಲಿ ಪುರುಷ-61, ಮಹಿಳೆ-5 ಒಟ್ಟು 66, ಕೆ.ಆರ್.ಪೇಟೆ ಕ್ಷೇತ್ರದಲ್ಲಿ ಪುರುಷ-92, ಮಹಿಳೆ-3 ಒಟ್ಟು 95, ಜಿಲ್ಲೆಯಲ್ಲಿ ಒಟ್ಟು ಪುರುಷ-600, ಮಹಿಳೆ-22 ಒಟ್ಟು 622 ಸೇವಾ ಮತದಾರರಿದ್ದಾರೆ. ಮತದಾರರ ಪಟ್ಟಿ ಪರಿಷ್ಕರಣೆಯಡಿಯಲ್ಲಿ ಜಿಲ್ಲೆಯಲ್ಲಿ ಮತಗಟ್ಟೆ ಮಟ್ಟದ ಅಧಿಕಾರಿಗಳು ಮನೆ-ಮನೆಗೆ ಭೇಟಿ ನೀಡಿ ಪರಿಶೀಲನೆ ನಡೆಸಲಿದ್ದಾರೆ. ಕರಡು ಮತದಾರರ ಪಟ್ಟಿಯ ಬಗ್ಗೆ ಆಕ್ಷೇಪಣೆ ಇದ್ದಲ್ಲಿ 28-11-2024 ರವರೆಗೆ ಸಲ್ಲಿಸಬಹುದು. ಅಂತಿಮ ಮತದಾರರ ಪಟ್ಟಿ 06-01-2025 ರಂದು ಪ್ರಕಟಿಸಲಾಗುವುದು ಎಂದರು.
ವಿಶ್ವವಿದ್ಯಾನಿಲಯದಲ್ಲಿ ರಾಜ್ಯೋತ್ಸವ ಸಮಾರಂಭ
ಬೆಂಗಳೂರು: ಬೆಂಗಳೂರು ನಗರ ವಿಶ್ವವಿದ್ಯಾನಿಲಯದ ಸೆಂಟ್ರಲ್ ಕಾಲೇಜು ಆವರಣದ ಡಾ.ಕೆ.ವಿ.ಎಸ್.ಸಭಾಂಗಣದಲ್ಲಿ 69ನೇ ಕರ್ನಾಟಕ ರಾಜ್ಯೋತ್ಸವ ಸಮಾರಂಭವನ್ನು ಕುಲಪತಿಗಳು ಉದ್ಘಾಟಿಸಿದರು. ತಾಯಿ ಭುವನೇಶ್ವರಿ ದೇವಿಯ ಭಾವಚಿತ್ರಕ್ಕೆ ಪುಷ್ಪಾರ್ಚನೆ ಸಲ್ಲಿಸಿ, ನಾಡಗೀತೆಯೊಂದಿಗೆ ಕಾರ್ಯಕ್ರಮ ಆರಂಭವಾಯಿತು. ಕನ್ನಡ ನಾಡು ನುಡಿಯ ರಕ್ಷಣೆ ನಮ್ಮೆಲ್ಲರ ಹೊಣೆಯಾಗಿದೆ. ಕನ್ನಡ ಭಾಷೆ ಉಳಿಸಿ ಬೆಳೆಸುವ ಕೆಲಸವನ್ನು ಪ್ರತಿಯೊಬ್ಬರೂ ಮಾಡಬೇಕು. ವಿದ್ಯಾರ್ಥಿಗಳು ಕನ್ನಡದಲ್ಲಿ ವ್ಯವಹರಿಸಬೇಕು ಎಂದು ಕರೆ ನೀಡಿದರು. ಕನ್ನಡ ಅಧ್ಯಯನ ವಿಭಾಗದ ಪ್ರಾಧ್ಯಾಪಕರು ಮಾತನಾಡಿ ನಾಡಿನ ಇತಿಹಾಸ, ಕನ್ನಡ ಸಾಹಿತ್ಯ ಮತ್ತು ಸಂಸ್ಕೃತಿಯ ಮಹತ್ವವನ್ನು ವಿವರಿಸಿದರು. ಕಾರ್ಯಕ್ರಮದಲ್ಲಿ ವಿದ್ಯಾರ್ಥಿಗಳಿಂದ ಸಾಂಸ್ಕೃತಿಕ ಕಾರ್ಯಕ್ರಮಗಳು ನಡೆದವು.
BENGALURU CITY UNIVERSITY
ಮೌಲ್ಯಮಾಪನ ಕುಲಸಚಿವರಾದ ಡಾ. ಸಿ.ಎನ್. ಶ್ರೀಧರ್, ಹಣಕಾಸು ಅಧಿಕಾರಿ, ವಿಭಾಗದ ಮುಖ್ಯಸ್ಥರು, ಪ್ರಾಧ್ಯಾಪಕರು, ಬೋಧಕೇತರ ಸಿಬ್ಬಂದಿ ಹಾಗೂ ವಿದ್ಯಾರ್ಥಿಗಳು ಉಪಸ್ಥಿತರಿದ್ದರು. ಈ ಸಂದರ್ಭದಲ್ಲಿ ವಿಶ್ವವಿದ್ಯಾನಿಲಯದ ಕುಲಸಚಿವರು ಮಾತನಾಡಿ ಕನ್ನಡವು ಶಾಸ್ತ್ರೀಯ ಭಾಷೆಯ ಸ್ಥಾನಮಾನ ಪಡೆದಿದ್ದು ನಮ್ಮೆಲ್ಲರ ಹೆಮ್ಮೆಯಾಗಿದೆ ಎಂದರು.
